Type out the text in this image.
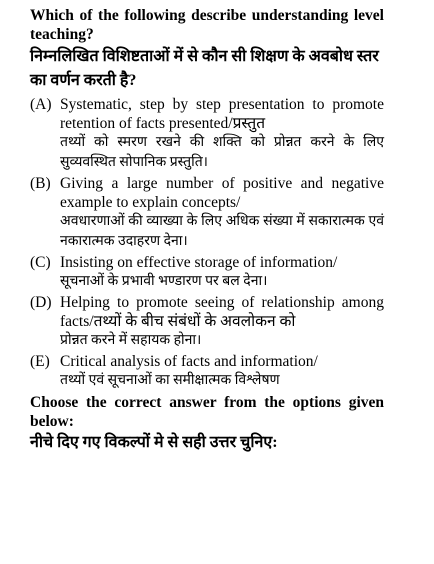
Which of the following describe understanding level teaching?
निम्नलिखित विशिष्टताओं में से कौन सी शिक्षण के अवबोध स्तर का वर्णन करती है?
(A) Systematic, step by step presentation to promote retention of facts presented/प्रस्तुत
तथ्यों को स्मरण रखने की शक्ति को प्रोन्नत करने के लिए सुव्यवस्थित सोपानिक प्रस्तुति।
(B) Giving a large number of positive and negative example to explain concepts/
अवधारणाओं की व्याख्या के लिए अधिक संख्या में सकारात्मक एवं नकारात्मक उदाहरण देना।
(C) Insisting on effective storage of information/
सूचनाओं के प्रभावी भण्डारण पर बल देना।
(D) Helping to promote seeing of relationship among facts/तथ्यों के बीच संबंधों के अवलोकन को
प्रोन्नत करने में सहायक होना।
(E) Critical analysis of facts and information/
तथ्यों एवं सूचनाओं का समीक्षात्मक विश्लेषण
Choose the correct answer from the options given below:
नीचे दिए गए विकल्पों मे से सही उत्तर चुनिए:
